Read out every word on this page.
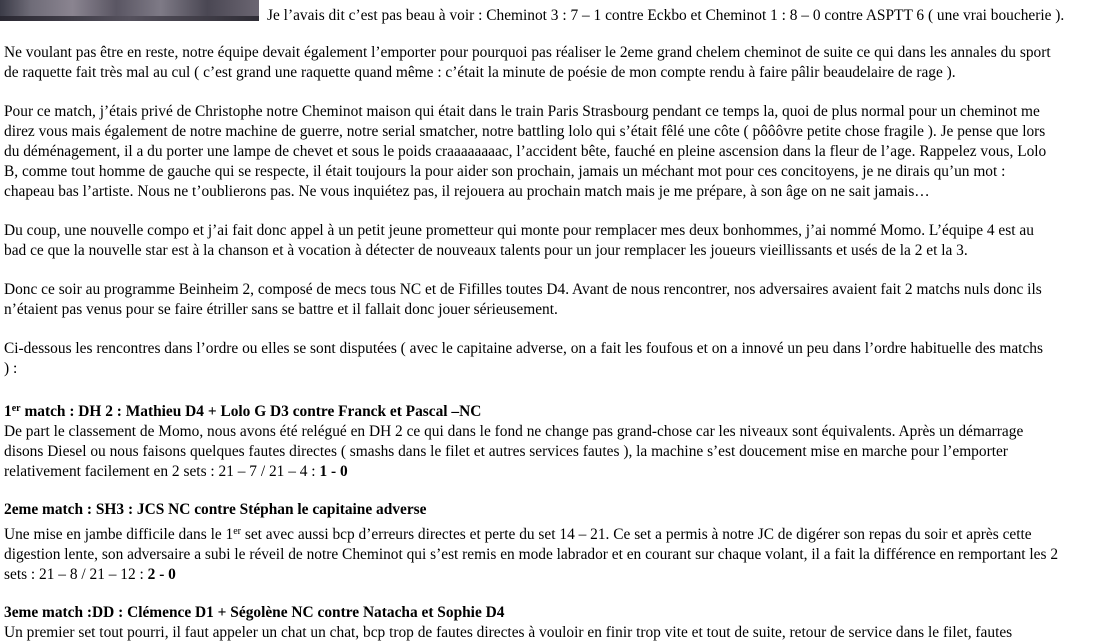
Je l’avais dit c’est pas beau à voir : Cheminot 3 : 7 – 1 contre Eckbo et Cheminot 1 : 8 – 0 contre ASPTT 6 ( une vrai boucherie ).
Ne voulant pas être en reste, notre équipe devait également l’emporter pour pourquoi pas réaliser le 2eme grand chelem cheminot de suite ce qui dans les annales du sport
de raquette fait très mal au cul ( c’est grand une raquette quand même : c’était la minute de poésie de mon compte rendu à faire pâlir beaudelaire de rage ).
Pour ce match, j’étais privé de Christophe notre Cheminot maison qui était dans le train Paris Strasbourg pendant ce temps la, quoi de plus normal pour un cheminot me
direz vous mais également de notre machine de guerre, notre serial smatcher, notre battling lolo qui s’était fêlé une côte ( pôôôvre petite chose fragile ). Je pense que lors
du déménagement, il a du porter une lampe de chevet et sous le poids craaaaaaaac, l’accident bête, fauché en pleine ascension dans la fleur de l’age. Rappelez vous, Lolo
B, comme tout homme de gauche qui se respecte, il était toujours la pour aider son prochain, jamais un méchant mot pour ces concitoyens, je ne dirais qu’un mot :
chapeau bas l’artiste. Nous ne t’oublierons pas. Ne vous inquiétez pas, il rejouera au prochain match mais je me prépare, à son âge on ne sait jamais…
Du coup, une nouvelle compo et j’ai fait donc appel à un petit jeune prometteur qui monte pour remplacer mes deux bonhommes, j’ai nommé Momo. L’équipe 4 est au
bad ce que la nouvelle star est à la chanson et à vocation à détecter de nouveaux talents pour un jour remplacer les joueurs vieillissants et usés de la 2 et la 3.
Donc ce soir au programme Beinheim 2, composé de mecs tous NC et de Fifilles toutes D4. Avant de nous rencontrer, nos adversaires avaient fait 2 matchs nuls donc ils
n’étaient pas venus pour se faire étriller sans se battre et il fallait donc jouer sérieusement.
Ci-dessous les rencontres dans l’ordre ou elles se sont disputées ( avec le capitaine adverse, on a fait les foufous et on a innové un peu dans l’ordre habituelle des matchs
) :
1er match : DH 2 : Mathieu D4 + Lolo G D3 contre Franck et Pascal –NC
De part le classement de Momo, nous avons été relégué en DH 2 ce qui dans le fond ne change pas grand-chose car les niveaux sont équivalents. Après un démarrage
disons Diesel ou nous faisons quelques fautes directes ( smashs dans le filet et autres services fautes ), la machine s’est doucement mise en marche pour l’emporter
relativement facilement en 2 sets : 21 – 7 / 21 – 4 : 1 - 0
2eme match : SH3 : JCS NC contre Stéphan le capitaine adverse
Une mise en jambe difficile dans le 1er set avec aussi bcp d’erreurs directes et perte du set 14 – 21. Ce set a permis à notre JC de digérer son repas du soir et après cette
digestion lente, son adversaire a subi le réveil de notre Cheminot qui s’est remis en mode labrador et en courant sur chaque volant, il a fait la différence en remportant les 2
sets : 21 – 8 / 21 – 12 : 2 - 0
3eme match :DD : Clémence D1 + Ségolène NC contre Natacha et Sophie D4
Un premier set tout pourri, il faut appeler un chat un chat, bcp trop de fautes directes à vouloir en finir trop vite et tout de suite, retour de service dans le filet, fautes
